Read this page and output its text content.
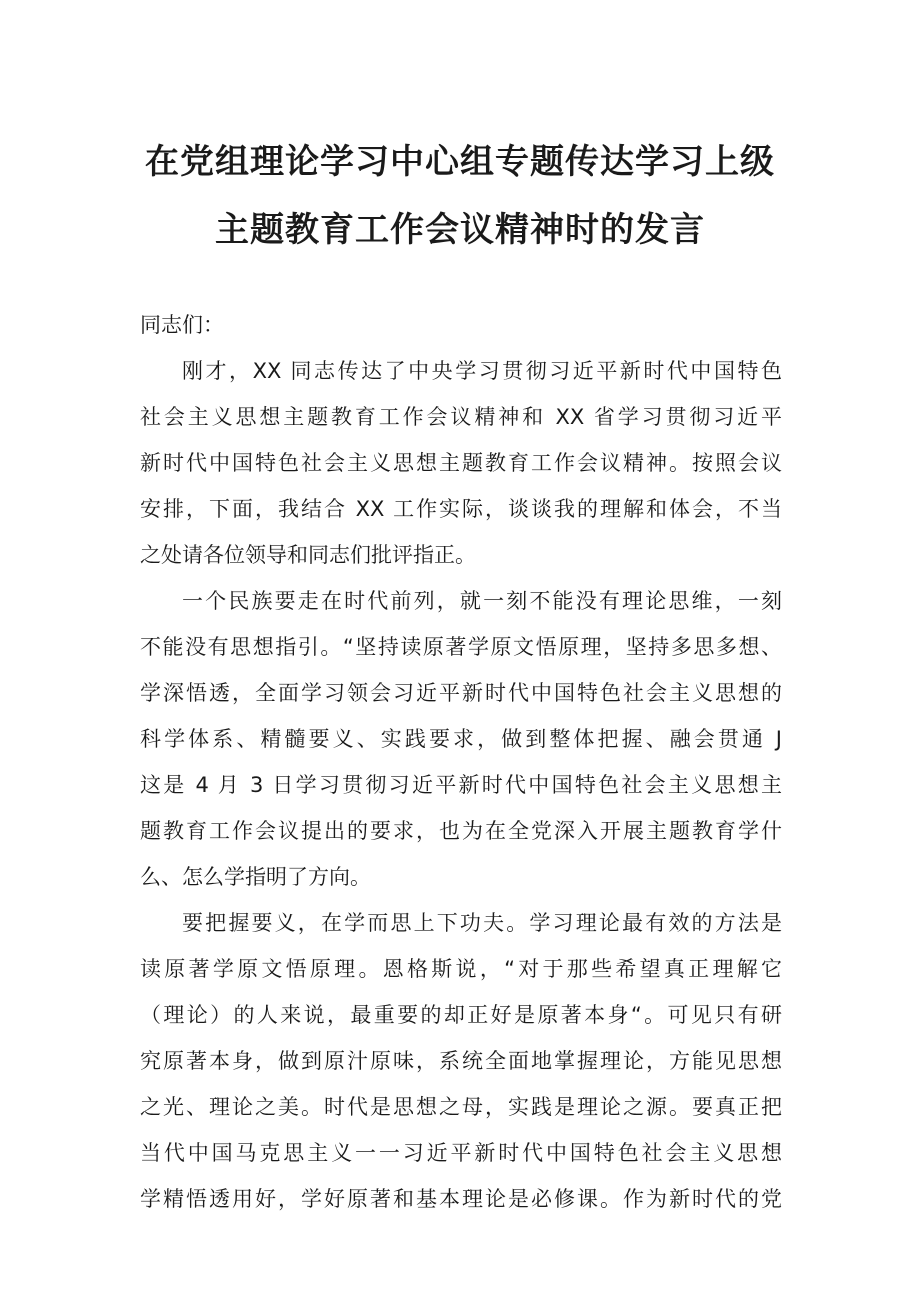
在党组理论学习中心组专题传达学习上级
主题教育工作会议精神时的发言

同志们：

刚才，XX 同志传达了中央学习贯彻习近平新时代中国特色
社会主义思想主题教育工作会议精神和 XX 省学习贯彻习近平
新时代中国特色社会主义思想主题教育工作会议精神。按照会议
安排，下面，我结合 XX 工作实际，谈谈我的理解和体会，不当
之处请各位领导和同志们批评指正。

一个民族要走在时代前列，就一刻不能没有理论思维，一刻
不能没有思想指引。“坚持读原著学原文悟原理，坚持多思多想、
学深悟透，全面学习领会习近平新时代中国特色社会主义思想的
科学体系、精髓要义、实践要求，做到整体把握、融会贯通 J
这是 4 月 3 日学习贯彻习近平新时代中国特色社会主义思想主
题教育工作会议提出的要求，也为在全党深入开展主题教育学什
么、怎么学指明了方向。

要把握要义，在学而思上下功夫。学习理论最有效的方法是
读原著学原文悟原理。恩格斯说，“对于那些希望真正理解它
（理论）的人来说，最重要的却正好是原著本身“。可见只有研
究原著本身，做到原汁原味，系统全面地掌握理论，方能见思想
之光、理论之美。时代是思想之母，实践是理论之源。要真正把
当代中国马克思主义一一习近平新时代中国特色社会主义思想
学精悟透用好，学好原著和基本理论是必修课。作为新时代的党
